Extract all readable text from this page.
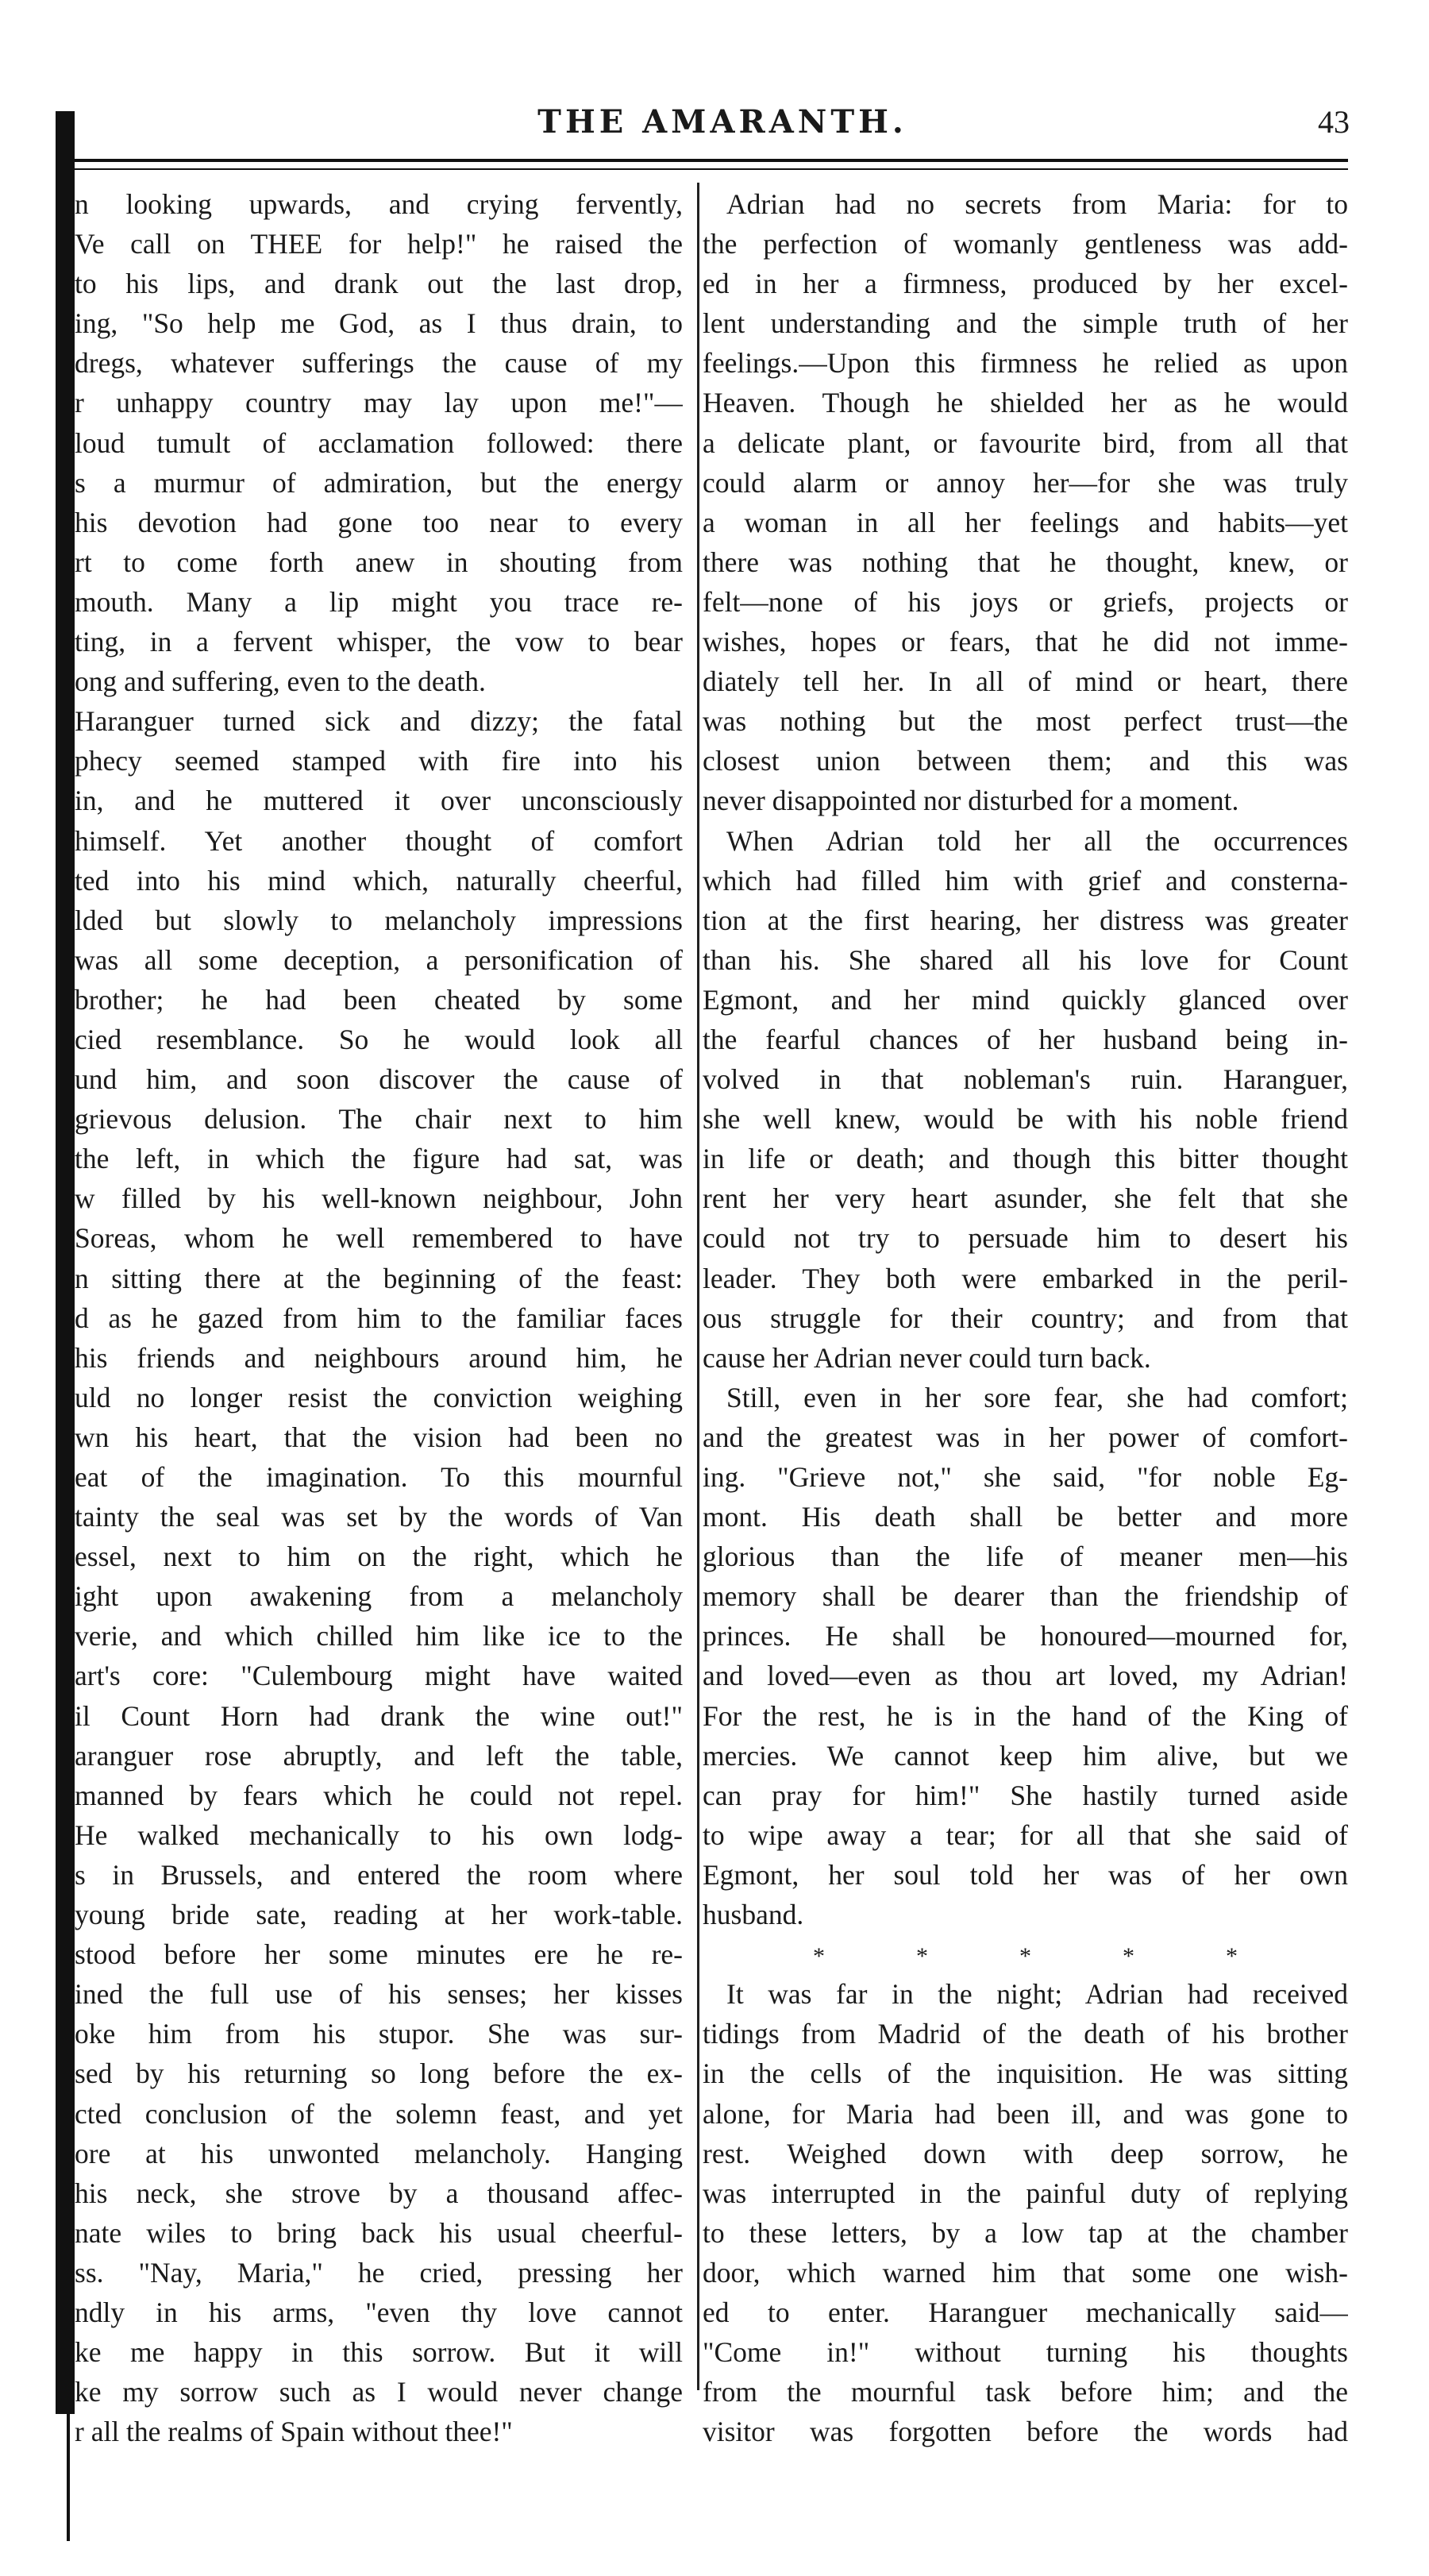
THE AMARANTH.	43
n looking upwards, and crying fervently,
Ve call on THEE for help!" he raised the
to his lips, and drank out the last drop,
ing, "So help me God, as I thus drain, to
dregs, whatever sufferings the cause of my
r unhappy country may lay upon me!"—
loud tumult of acclamation followed: there
s a murmur of admiration, but the energy
his devotion had gone too near to every
rt to come forth anew in shouting from
mouth. Many a lip might you trace re-
ting, in a fervent whisper, the vow to bear
ong and suffering, even to the death.
Haranguer turned sick and dizzy; the fatal
phecy seemed stamped with fire into his
in, and he muttered it over unconsciously
himself. Yet another thought of comfort
ted into his mind which, naturally cheerful,
lded but slowly to melancholy impressions
was all some deception, a personification of
brother; he had been cheated by some
cied resemblance. So he would look all
und him, and soon discover the cause of
grievous delusion. The chair next to him
the left, in which the figure had sat, was
w filled by his well-known neighbour, John
Soreas, whom he well remembered to have
n sitting there at the beginning of the feast:
d as he gazed from him to the familiar faces
his friends and neighbours around him, he
uld no longer resist the conviction weighing
wn his heart, that the vision had been no
eat of the imagination. To this mournful
tainty the seal was set by the words of Van
essel, next to him on the right, which he
ight upon awakening from a melancholy
verie, and which chilled him like ice to the
art's core: "Culembourg might have waited
il Count Horn had drank the wine out!"
aranguer rose abruptly, and left the table,
manned by fears which he could not repel.
He walked mechanically to his own lodg-
s in Brussels, and entered the room where
young bride sate, reading at her work-table.
stood before her some minutes ere he re-
ined the full use of his senses; her kisses
oke him from his stupor. She was sur-
sed by his returning so long before the ex-
cted conclusion of the solemn feast, and yet
ore at his unwonted melancholy. Hanging
his neck, she strove by a thousand affec-
nate wiles to bring back his usual cheerful-
ss. "Nay, Maria," he cried, pressing her
ndly in his arms, "even thy love cannot
ke me happy in this sorrow. But it will
ke my sorrow such as I would never change
r all the realms of Spain without thee!"
Adrian had no secrets from Maria: for to
the perfection of womanly gentleness was add-
ed in her a firmness, produced by her excel-
lent understanding and the simple truth of her
feelings.—Upon this firmness he relied as upon
Heaven. Though he shielded her as he would
a delicate plant, or favourite bird, from all that
could alarm or annoy her—for she was truly
a woman in all her feelings and habits—yet
there was nothing that he thought, knew, or
felt—none of his joys or griefs, projects or
wishes, hopes or fears, that he did not imme-
diately tell her. In all of mind or heart, there
was nothing but the most perfect trust—the
closest union between them; and this was
never disappointed nor disturbed for a moment.
When Adrian told her all the occurrences
which had filled him with grief and consterna-
tion at the first hearing, her distress was greater
than his. She shared all his love for Count
Egmont, and her mind quickly glanced over
the fearful chances of her husband being in-
volved in that nobleman's ruin. Haranguer,
she well knew, would be with his noble friend
in life or death; and though this bitter thought
rent her very heart asunder, she felt that she
could not try to persuade him to desert his
leader. They both were embarked in the peril-
ous struggle for their country; and from that
cause her Adrian never could turn back.
Still, even in her sore fear, she had comfort;
and the greatest was in her power of comfort-
ing. "Grieve not," she said, "for noble Eg-
mont. His death shall be better and more
glorious than the life of meaner men—his
memory shall be dearer than the friendship of
princes. He shall be honoured—mourned for,
and loved—even as thou art loved, my Adrian!
For the rest, he is in the hand of the King of
mercies. We cannot keep him alive, but we
can pray for him!" She hastily turned aside
to wipe away a tear; for all that she said of
Egmont, her soul told her was of her own
husband.
*	*	*	*	*
It was far in the night; Adrian had received
tidings from Madrid of the death of his brother
in the cells of the inquisition. He was sitting
alone, for Maria had been ill, and was gone to
rest. Weighed down with deep sorrow, he
was interrupted in the painful duty of replying
to these letters, by a low tap at the chamber
door, which warned him that some one wish-
ed to enter. Haranguer mechanically said—
"Come in!" without turning his thoughts
from the mournful task before him; and the
visitor was forgotten before the words had
